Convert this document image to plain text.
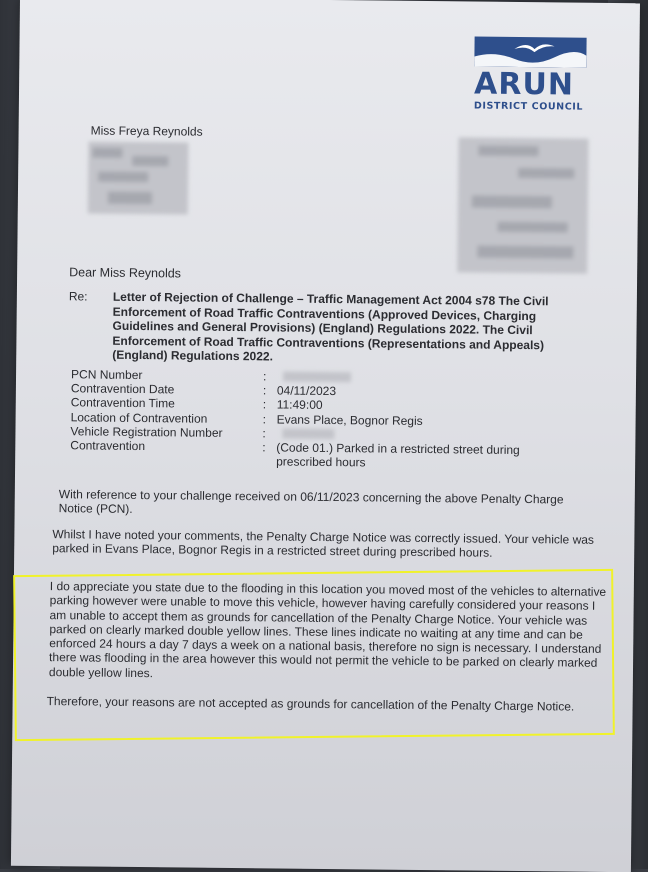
ARUN
DISTRICT COUNCIL
Miss Freya Reynolds
Dear Miss Reynolds
Re: Letter of Rejection of Challenge – Traffic Management Act 2004 s78 The Civil Enforcement of Road Traffic Contraventions (Approved Devices, Charging Guidelines and General Provisions) (England) Regulations 2022. The Civil Enforcement of Road Traffic Contraventions (Representations and Appeals) (England) Regulations 2022.
PCN Number	:
Contravention Date	: 04/11/2023
Contravention Time	: 11:49:00
Location of Contravention	: Evans Place, Bognor Regis
Vehicle Registration Number	:
Contravention	: (Code 01.) Parked in a restricted street during prescribed hours
With reference to your challenge received on 06/11/2023 concerning the above Penalty Charge Notice (PCN).
Whilst I have noted your comments, the Penalty Charge Notice was correctly issued. Your vehicle was parked in Evans Place, Bognor Regis in a restricted street during prescribed hours.
I do appreciate you state due to the flooding in this location you moved most of the vehicles to alternative parking however were unable to move this vehicle, however having carefully considered your reasons I am unable to accept them as grounds for cancellation of the Penalty Charge Notice. Your vehicle was parked on clearly marked double yellow lines. These lines indicate no waiting at any time and can be enforced 24 hours a day 7 days a week on a national basis, therefore no sign is necessary. I understand there was flooding in the area however this would not permit the vehicle to be parked on clearly marked double yellow lines.
Therefore, your reasons are not accepted as grounds for cancellation of the Penalty Charge Notice.
